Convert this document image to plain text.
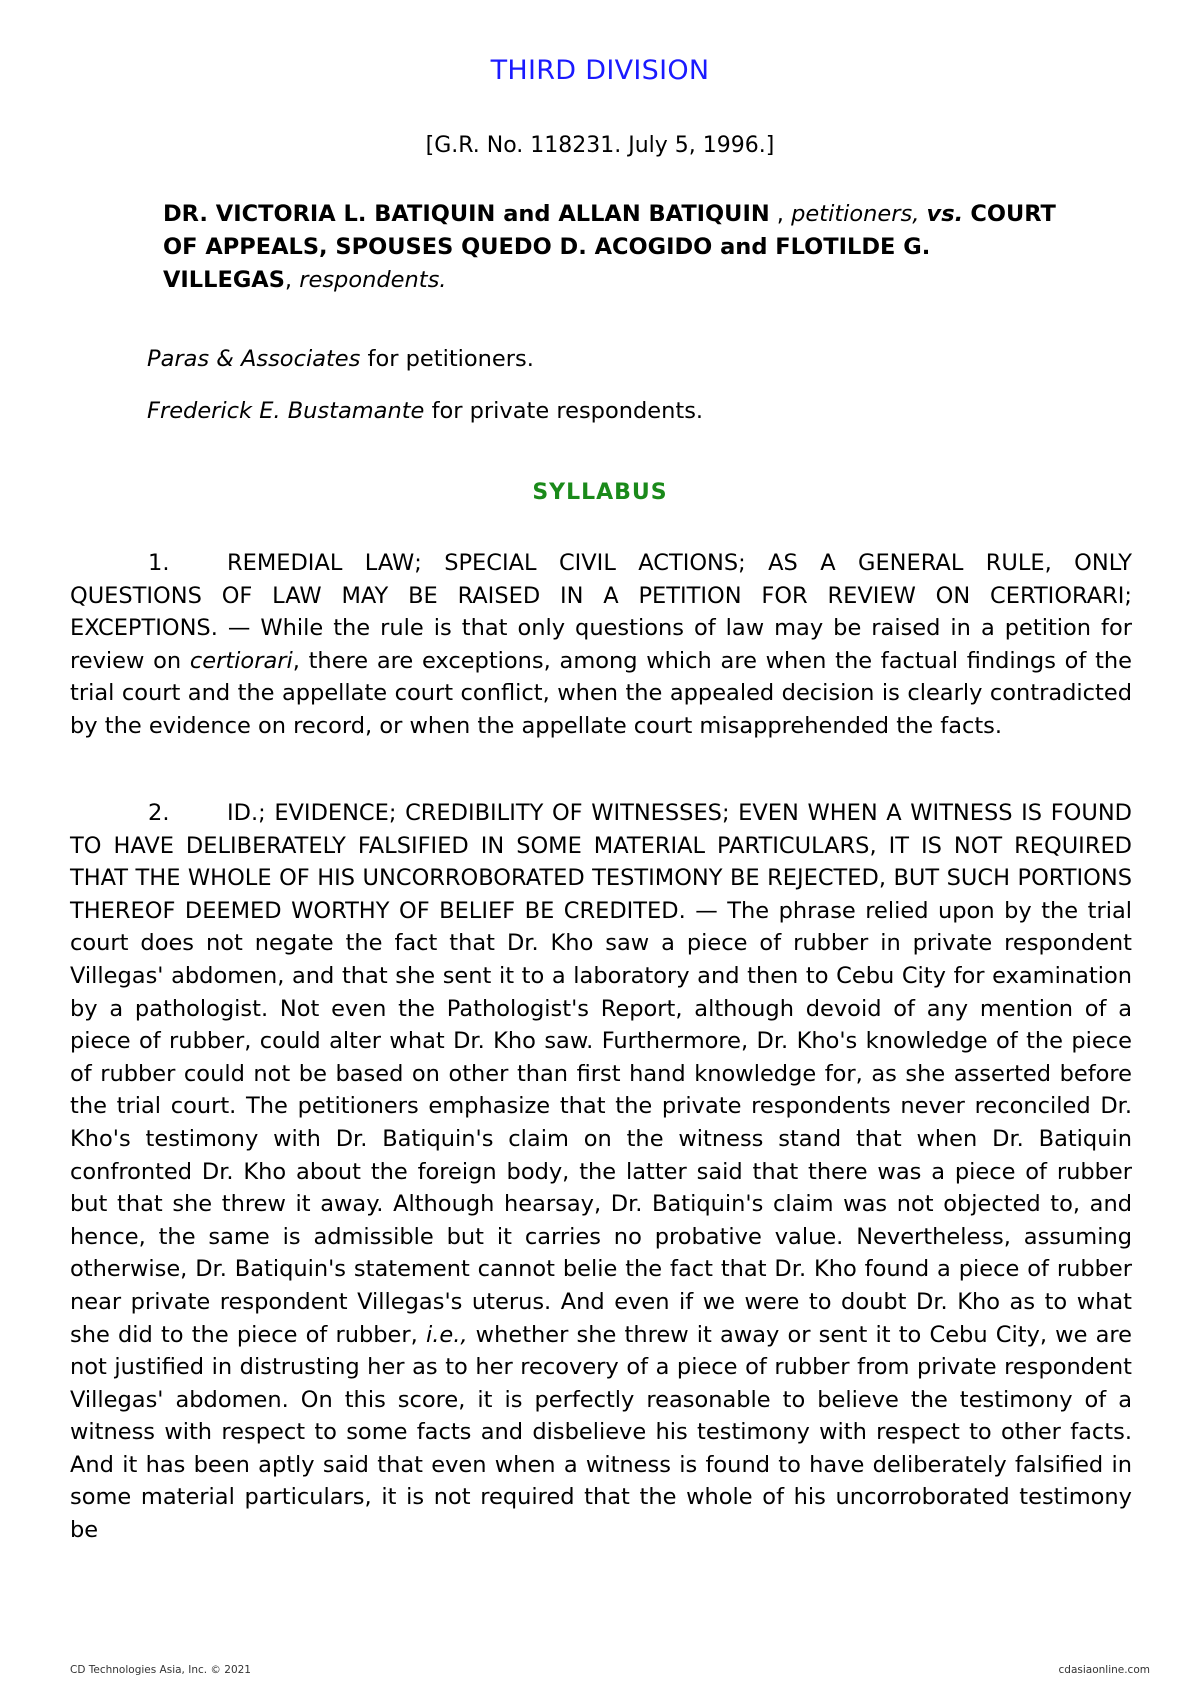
THIRD DIVISION
[G.R. No. 118231. July 5, 1996.]
DR. VICTORIA L. BATIQUIN and ALLAN BATIQUIN , petitioners, vs. COURT OF APPEALS, SPOUSES QUEDO D. ACOGIDO and FLOTILDE G. VILLEGAS, respondents.
Paras & Associates for petitioners.
Frederick E. Bustamante for private respondents.
SYLLABUS
1.	REMEDIAL LAW; SPECIAL CIVIL ACTIONS; AS A GENERAL RULE, ONLY QUESTIONS OF LAW MAY BE RAISED IN A PETITION FOR REVIEW ON CERTIORARI; EXCEPTIONS. — While the rule is that only questions of law may be raised in a petition for review on certiorari, there are exceptions, among which are when the factual findings of the trial court and the appellate court conflict, when the appealed decision is clearly contradicted by the evidence on record, or when the appellate court misapprehended the facts.
2.	ID.; EVIDENCE; CREDIBILITY OF WITNESSES; EVEN WHEN A WITNESS IS FOUND TO HAVE DELIBERATELY FALSIFIED IN SOME MATERIAL PARTICULARS, IT IS NOT REQUIRED THAT THE WHOLE OF HIS UNCORROBORATED TESTIMONY BE REJECTED, BUT SUCH PORTIONS THEREOF DEEMED WORTHY OF BELIEF BE CREDITED. — The phrase relied upon by the trial court does not negate the fact that Dr. Kho saw a piece of rubber in private respondent Villegas' abdomen, and that she sent it to a laboratory and then to Cebu City for examination by a pathologist. Not even the Pathologist's Report, although devoid of any mention of a piece of rubber, could alter what Dr. Kho saw. Furthermore, Dr. Kho's knowledge of the piece of rubber could not be based on other than first hand knowledge for, as she asserted before the trial court. The petitioners emphasize that the private respondents never reconciled Dr. Kho's testimony with Dr. Batiquin's claim on the witness stand that when Dr. Batiquin confronted Dr. Kho about the foreign body, the latter said that there was a piece of rubber but that she threw it away. Although hearsay, Dr. Batiquin's claim was not objected to, and hence, the same is admissible but it carries no probative value. Nevertheless, assuming otherwise, Dr. Batiquin's statement cannot belie the fact that Dr. Kho found a piece of rubber near private respondent Villegas's uterus. And even if we were to doubt Dr. Kho as to what she did to the piece of rubber, i.e., whether she threw it away or sent it to Cebu City, we are not justified in distrusting her as to her recovery of a piece of rubber from private respondent Villegas' abdomen. On this score, it is perfectly reasonable to believe the testimony of a witness with respect to some facts and disbelieve his testimony with respect to other facts. And it has been aptly said that even when a witness is found to have deliberately falsified in some material particulars, it is not required that the whole of his uncorroborated testimony be
CD Technologies Asia, Inc. © 2021	cdasiaonline.com
